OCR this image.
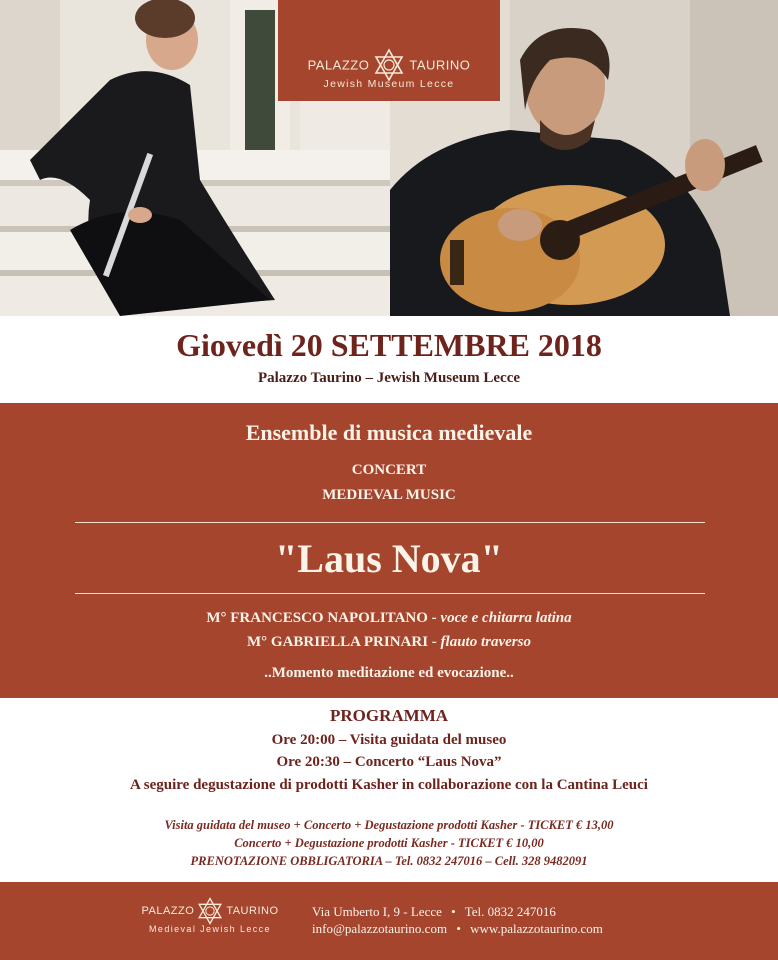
PALAZZO	TAURINO
Jewish Museum Lecce
Giovedì 20 SETTEMBRE 2018
Palazzo Taurino – Jewish Museum Lecce
Ensemble di musica medievale
CONCERT
MEDIEVAL MUSIC
"Laus Nova"
M° FRANCESCO NAPOLITANO - voce e chitarra latina
M° GABRIELLA PRINARI - flauto traverso
..Momento meditazione ed evocazione..
PROGRAMMA
Ore 20:00 – Visita guidata del museo
Ore 20:30 – Concerto “Laus Nova”
A seguire degustazione di prodotti Kasher in collaborazione con la Cantina Leuci
Visita guidata del museo + Concerto + Degustazione prodotti Kasher - TICKET € 13,00
Concerto + Degustazione prodotti Kasher - TICKET € 10,00
PRENOTAZIONE OBBLIGATORIA – Tel. 0832 247016 – Cell. 328 9482091
PALAZZO	TAURINO
Medieval Jewish Lecce
Via Umberto I, 9 - Lecce • Tel. 0832 247016
info@palazzotaurino.com • www.palazzotaurino.com
